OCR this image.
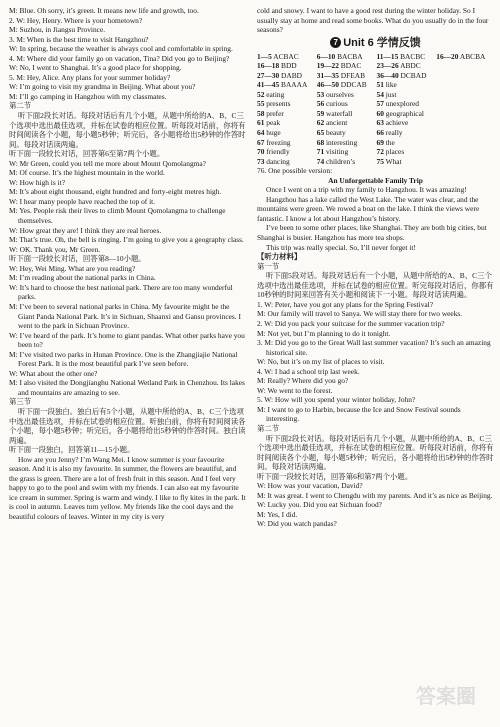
M: Blue. Oh sorry, it’s green. It means new life and growth, too.

2. W: Hey, Henry. Where is your hometown?

M: Suzhou, in Jiangsu Province.

3. M: When is the best time to visit Hangzhou?

W: In spring, because the weather is always cool and comfortable in spring.

4. M: Where did your family go on vacation, Tina? Did you go to Beijing?

W: No, I went to Shanghai. It’s a good place for shopping.

5. M: Hey, Alice. Any plans for your summer holiday?

W: I’m going to visit my grandma in Beijing. What about you?

M: I’ll go camping in Hangzhou with my classmates.

第二节

听下面2段长对话。每段对话后有几个小题，从题中所给的A、B、C三个选项中选出最佳选项，并标在试卷的相应位置。听每段对话前，你将有时间阅读各个小题，每小题5秒钟；听完后，各小题将给出5秒钟的作答时间。每段对话读两遍。

听下面一段较长对话，回答第6至第7两个小题。

W: Mr Green, could you tell me more about Mount Qomolangma?

M: Of course. It’s the highest mountain in the world.

W: How high is it?

M: It’s about eight thousand, eight hundred and forty-eight metres high.

W: I hear many people have reached the top of it.

M: Yes. People risk their lives to climb Mount Qomolangma to challenge themselves.

W: How great they are! I think they are real heroes.

M: That’s true. Oh, the bell is ringing. I’m going to give you a geography class.

W: OK. Thank you, Mr Green.

听下面一段较长对话，回答第8—10小题。

W: Hey, Wei Ming. What are you reading?

M: I’m reading about the national parks in China.

W: It’s hard to choose the best national park. There are too many wonderful parks.

M: I’ve been to several national parks in China. My favourite might be the Giant Panda National Park. It’s in Sichuan, Shaanxi and Gansu provinces. I went to the park in Sichuan Province.

W: I’ve heard of the park. It’s home to giant pandas. What other parks have you been to?

M: I’ve visited two parks in Hunan Province. One is the Zhangjiajie National Forest Park. It is the most beautiful park I’ve seen before.

W: What about the other one?

M: I also visited the Dongjianghu National Wetland Park in Chenzhou. Its lakes and mountains are amazing to see.

第三节

听下面一段独白。独白后有5个小题，从题中所给的A、B、C三个选项中选出最佳选项，并标在试卷的相应位置。听独白前，你将有时间阅读各个小题，每小题5秒钟；听完后，各小题将给出5秒钟的作答时间。独白读两遍。

听下面一段独白，回答第11—15小题。

How are you Jenny? I’m Wang Mei. I know summer is your favourite season. And it is also my favourite. In summer, the flowers are beautiful, and the grass is green. There are a lot of fresh fruit in this season. And I feel very happy to go to the pool and swim with my friends. I can also eat my favourite ice cream in summer. Spring is warm and windy. I like to fly kites in the park. It is cool in autumn. Leaves turn yellow. My friends like the cool days and the beautiful colours of leaves. Winter in my city is very

cold and snowy. I want to have a good rest during the winter holiday. So I usually stay at home and read some books. What do you usually do in the four seasons?

7 Unit 6 学情反馈
1—5 ACBAC	6—10 BACBA	11—15 BACBC	16—20 ABCBA
16—18 BDD	19—22 BDAC	23—26 ABDC
27—30 DABD	31—35 DFEAB	36—40 DCBAD
41—45 BAAAA	46—50 DDCAB	51 like
52 eating	53 ourselves	54 just
55 presents	56 curious	57 unexplored
58 prefer	59 waterfall	60 geographical
61 peak	62 ancient	63 achieve
64 huge	65 beauty	66 really
67 freezing	68 interesting	69 the
70 friendly	71 visiting	72 places
73 dancing	74 children’s	75 What

76. One possible version:

An Unforgettable Family Trip

Once I went on a trip with my family to Hangzhou. It was amazing!

Hangzhou has a lake called the West Lake. The water was clear, and the mountains were green. We rowed a boat on the lake. I think the views were fantastic. I know a lot about Hangzhou’s history.

I’ve been to some other places, like Shanghai. They are both big cities, but Shanghai is busier. Hangzhou has more tea shops.

This trip was really special. So, I’ll never forget it!

【听力材料】

第一节

听下面5段对话。每段对话后有一个小题，从题中所给的A、B、C三个选项中选出最佳选项，并标在试卷的相应位置。听完每段对话后，你都有10秒钟的时间来回答有关小题和阅读下一小题。每段对话读两遍。

1. W: Peter, have you got any plans for the Spring Festival?

M: Our family will travel to Sanya. We will stay there for two weeks.

2. W: Did you pack your suitcase for the summer vacation trip?

M: Not yet, but I’m planning to do it tonight.

3. M: Did you go to the Great Wall last summer vacation? It’s such an amazing historical site.

W: No, but it’s on my list of places to visit.

4. W: I had a school trip last week.

M: Really? Where did you go?

W: We went to the forest.

5. W: How will you spend your winter holiday, John?

M: I want to go to Harbin, because the Ice and Snow Festival sounds interesting.

第二节

听下面2段长对话。每段对话后有几个小题，从题中所给的A、B、C三个选项中选出最佳选项，并标在试卷的相应位置。听每段对话前，你将有时间阅读各个小题，每小题5秒钟；听完后，各小题将给出5秒钟的作答时间。每段对话读两遍。

听下面一段较长对话，回答第6和第7两个小题。

W: How was your vacation, David?

M: It was great. I went to Chengdu with my parents. And it’s as nice as Beijing.

W: Lucky you. Did you eat Sichuan food?

M: Yes, I did.

W: Did you watch pandas?

答案圈
